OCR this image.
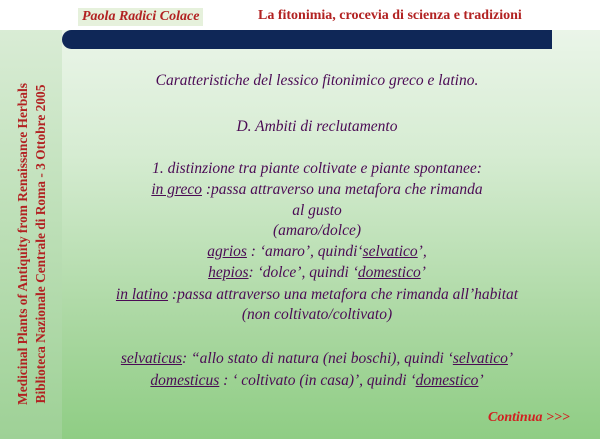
Paola Radici Colace	La fitonimia, crocevia di scienza e tradizioni
Medicinal Plants of Antiquity from Renaissance Herbals Biblioteca Nazionale Centrale di Roma - 3 Ottobre 2005
Caratteristiche del lessico fitonimico greco e latino.
D. Ambiti di reclutamento
1. distinzione tra piante coltivate e piante spontanee:
in greco :passa attraverso una metafora che rimanda
al gusto
(amaro/dolce)
agrios : ‘amaro’, quindi‘selvatico’,
hepios: ‘dolce’, quindi ‘domestico’
in latino :passa attraverso una metafora che rimanda all’habitat
(non coltivato/coltivato)
selvaticus: “allo stato di natura (nei boschi), quindi ‘selvatico’
domesticus : ‘ coltivato (in casa)’, quindi ‘domestico’
Continua >>>
